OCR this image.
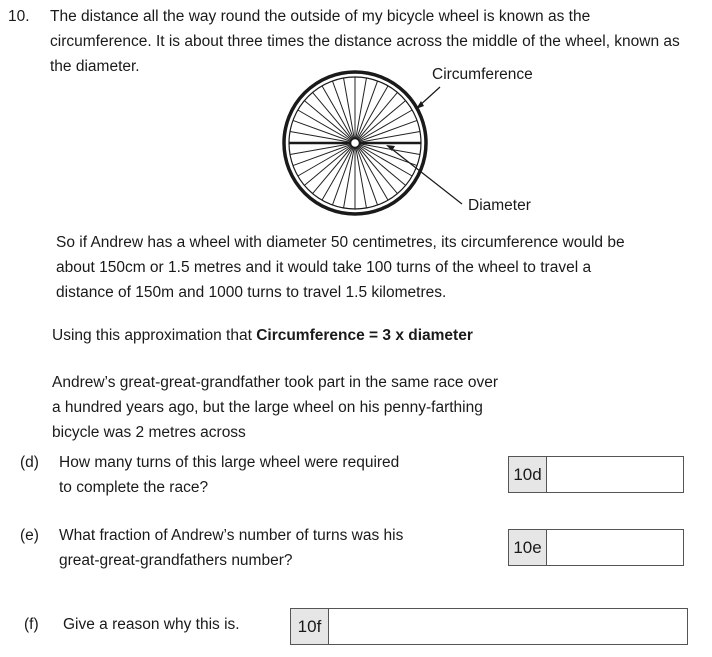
10. The distance all the way round the outside of my bicycle wheel is known as the
circumference. It is about three times the distance across the middle of the wheel, known as
the diameter.	Circumference
Diameter
So if Andrew has a wheel with diameter 50 centimetres, its circumference would be
about 150cm or 1.5 metres and it would take 100 turns of the wheel to travel a
distance of 150m and 1000 turns to travel 1.5 kilometres.
Using this approximation that Circumference = 3 x diameter
Andrew’s great-great-grandfather took part in the same race over
a hundred years ago, but the large wheel on his penny-farthing
bicycle was 2 metres across
(d) How many turns of this large wheel were required
to complete the race?
10d
(e) What fraction of Andrew’s number of turns was his
great-great-grandfathers number?
10e
(f) Give a reason why this is.	10f
